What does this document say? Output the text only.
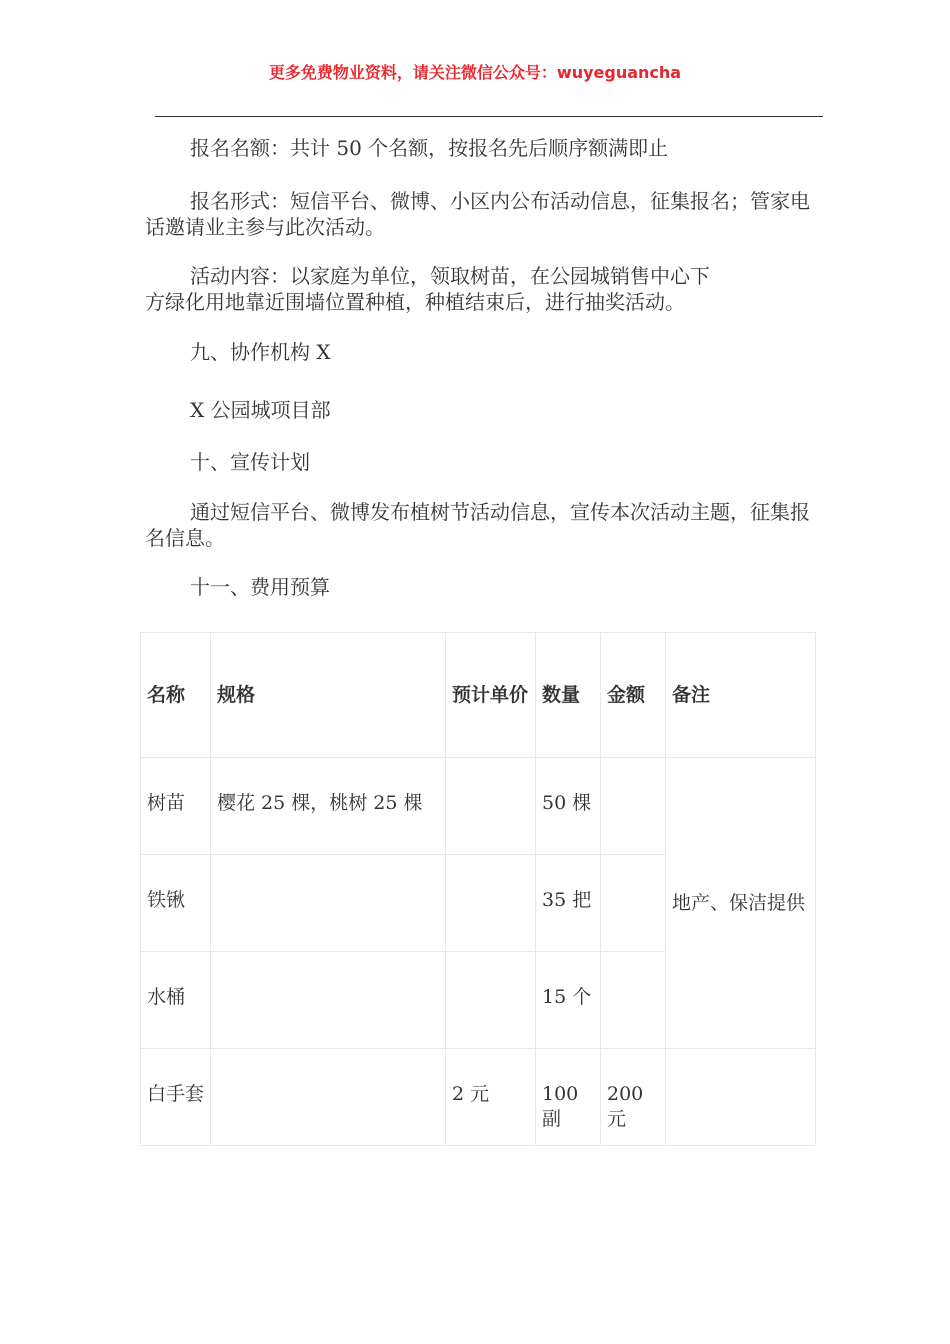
更多免费物业资料，请关注微信公众号：wuyeguancha

报名名额：共计 50 个名额，按报名先后顺序额满即止

报名形式：短信平台、微博、小区内公布活动信息，征集报名；管家电话邀请业主参与此次活动。

活动内容：以家庭为单位，领取树苗，在公园城销售中心下
方绿化用地靠近围墙位置种植，种植结束后，进行抽奖活动。

九、协作机构 X

X 公园城项目部

十、宣传计划

通过短信平台、微博发布植树节活动信息，宣传本次活动主题，征集报名信息。

十一、费用预算

名称	规格	预计单价	数量	金额	备注
树苗	樱花 25 棵，桃树 25 棵		50 棵		地产、保洁提供
铁锹			35 把		
水桶			15 个		
白手套		2 元	100 副	200 元	
